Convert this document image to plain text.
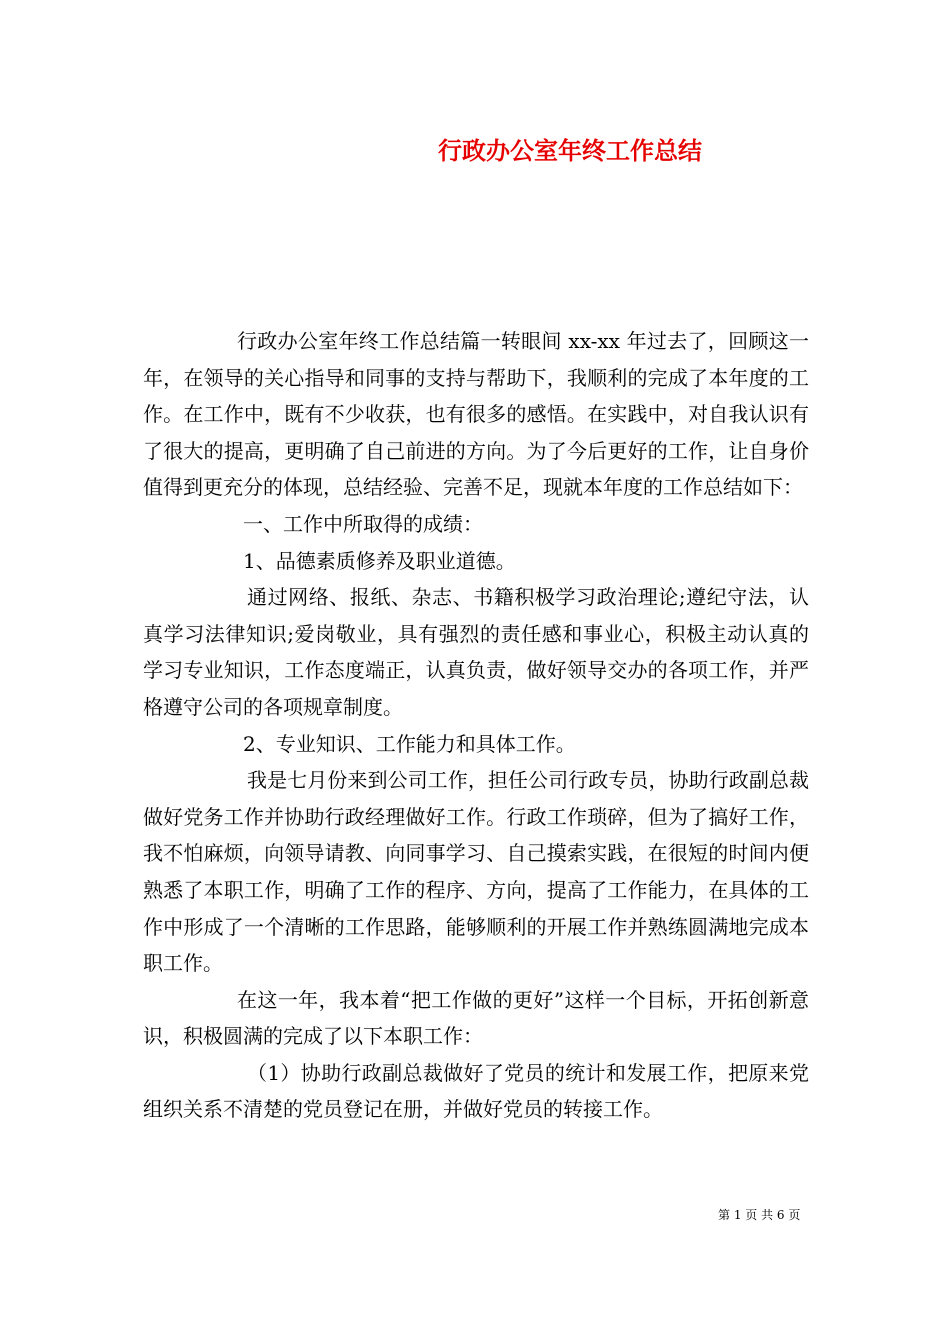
行政办公室年终工作总结

行政办公室年终工作总结篇一转眼间 xx-xx 年过去了，回顾这一年，在领导的关心指导和同事的支持与帮助下，我顺利的完成了本年度的工作。在工作中，既有不少收获，也有很多的感悟。在实践中，对自我认识有了很大的提高，更明确了自己前进的方向。为了今后更好的工作，让自身价值得到更充分的体现，总结经验、完善不足，现就本年度的工作总结如下：

一、工作中所取得的成绩：

1、品德素质修养及职业道德。

通过网络、报纸、杂志、书籍积极学习政治理论;遵纪守法，认真学习法律知识;爱岗敬业，具有强烈的责任感和事业心，积极主动认真的学习专业知识，工作态度端正，认真负责，做好领导交办的各项工作，并严格遵守公司的各项规章制度。

2、专业知识、工作能力和具体工作。

我是七月份来到公司工作，担任公司行政专员，协助行政副总裁做好党务工作并协助行政经理做好工作。行政工作琐碎，但为了搞好工作，我不怕麻烦，向领导请教、向同事学习、自己摸索实践，在很短的时间内便熟悉了本职工作，明确了工作的程序、方向，提高了工作能力，在具体的工作中形成了一个清晰的工作思路，能够顺利的开展工作并熟练圆满地完成本职工作。

在这一年，我本着“把工作做的更好”这样一个目标，开拓创新意识，积极圆满的完成了以下本职工作：

（1）协助行政副总裁做好了党员的统计和发展工作，把原来党组织关系不清楚的党员登记在册，并做好党员的转接工作。

第 1 页 共 6 页
